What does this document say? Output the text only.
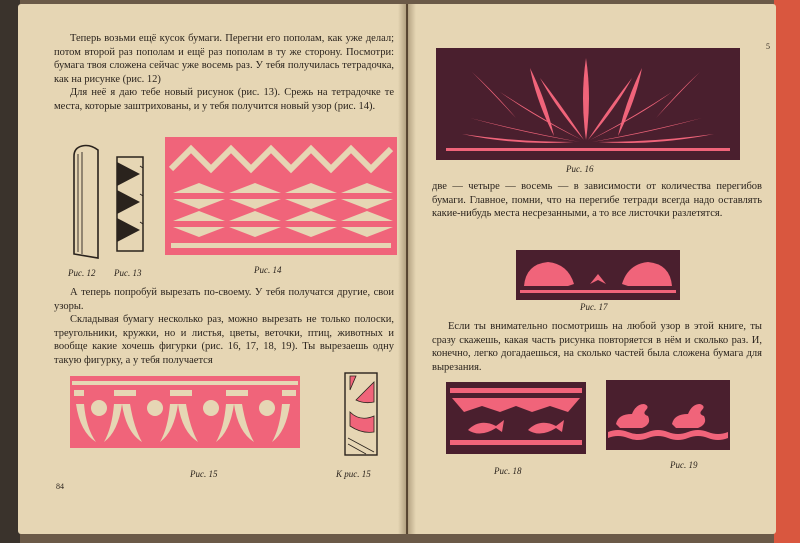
Теперь возьми ещё кусок бумаги. Перегни его пополам, как уже делал; потом второй раз пополам и ещё раз пополам в ту же сторону. Посмотри: бумага твоя сложена сейчас уже восемь раз. У тебя получилась тетрадочка, как на рисунке (рис. 12)

Для неё я даю тебе новый рисунок (рис. 13). Срежь на тетрадочке те места, которые заштрихованы, и у тебя получится новый узор (рис. 14).

Рис. 12 Рис. 13	Рис. 14

А теперь попробуй вырезать по-своему. У тебя получатся другие, свои узоры.

Складывая бумагу несколько раз, можно вырезать не только полоски, треугольники, кружки, но и листья, цветы, веточки, птиц, животных и вообще какие хочешь фигурки (рис. 16, 17, 18, 19). Ты вырезаешь одну такую фигурку, а у тебя получается

Рис. 15	К рис. 15
84
Рис. 16

две — четыре — восемь — в зависимости от количества перегибов бумаги. Главное, помни, что на перегибе тетради всегда надо оставлять какие-нибудь места несрезанными, а то все листочки разлетятся.

Рис. 17

Если ты внимательно посмотришь на любой узор в этой книге, ты сразу скажешь, какая часть рисунка повторяется в нём и сколько раз. И, конечно, легко догадаешься, на сколько частей была сложена бумага для вырезания.

Рис. 18
Рис. 19
5
